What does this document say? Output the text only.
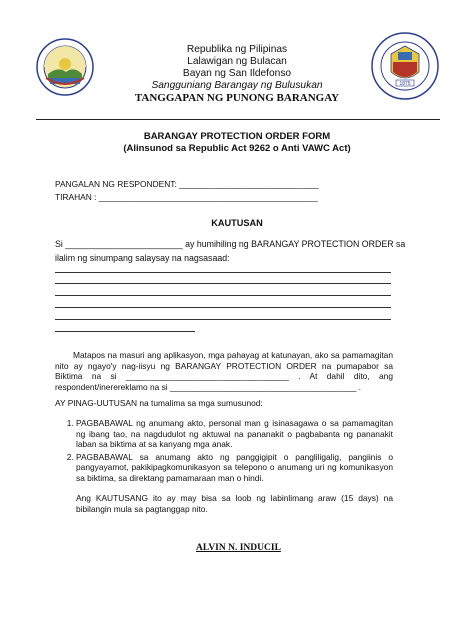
1875
Republika ng Pilipinas
Lalawigan ng Bulacan
Bayan ng San Ildefonso
Sangguniang Barangay ng Bulusukan
TANGGAPAN NG PUNONG BARANGAY
BARANGAY PROTECTION ORDER FORM
(Alinsunod sa Republic Act 9262 o Anti VAWC Act)
PANGALAN NG RESPONDENT: ______________________________
TIRAHAN : _______________________________________________
KAUTUSAN
Si ________________________ ay humihiling ng BARANGAY PROTECTION ORDER sa
ilalim ng sinumpang salaysay na nagsasaad:
Matapos na masuri ang aplikasyon, mga pahayag at katunayan, ako sa pamamagitan nito ay ngayo'y nag-iisyu ng BARANGAY PROTECTION ORDER na pumapabor sa Biktima na si ___________________________________ . At dahil dito, ang respondent/inerereklamo na si ________________________________________ .
AY PINAG-UUTUSAN na tumalima sa mga sumusunod:
1. PAGBABAWAL ng anumang akto, personal man g isinasagawa o sa pamamagitan ng ibang tao, na nagdudulot ng aktuwal na pananakit o pagbabanta ng pananakit laban sa biktima at sa kanyang mga anak.
2. PAGBABAWAL sa anumang akto ng panggigipit o pangliligalig, pangiinis o pangyayamot, pakikipagkomunikasyon sa telepono o anumang uri ng komunikasyon sa biktima, sa direktang pamamaraan man o hindi.
Ang KAUTUSANG ito ay may bisa sa loob ng labinlimang araw (15 days) na bibilangin mula sa pagtanggap nito.
ALVIN N. INDUCIL
